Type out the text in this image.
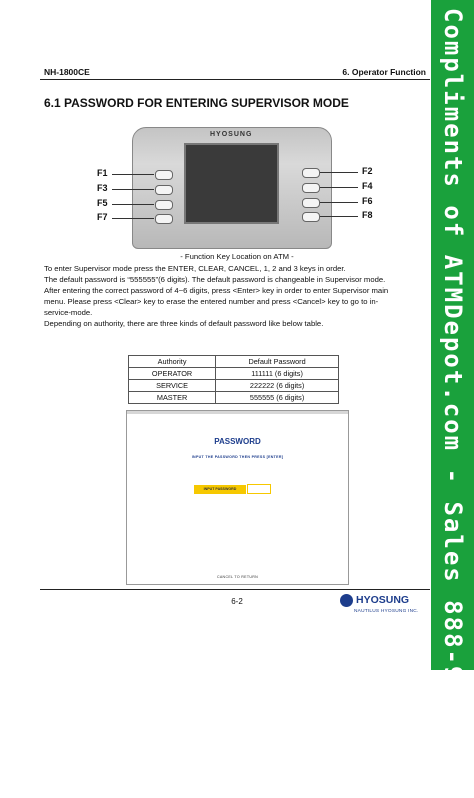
Compliments of ATMDepot.com - Sales 888-959-2269
NH-1800CE	6. Operator Function
6.1 PASSWORD FOR ENTERING SUPERVISOR MODE
HYOSUNG
F1
F3
F5
F7
F2
F4
F6
F8
- Function Key Location on ATM -
To enter Supervisor mode press the ENTER, CLEAR, CANCEL, 1, 2 and 3 keys in order.
The default password is “555555”(6 digits). The default password is changeable in Supervisor mode.
After entering the correct password of 4~6 digits, press <Enter> key in order to enter Supervisor main
menu. Please press <Clear> key to erase the entered number and press <Cancel> key to go to in-
service-mode.
Depending on authority, there are three kinds of default password like below table.
Authority	Default Password
OPERATOR	111111 (6 digits)
SERVICE	222222 (6 digits)
MASTER	555555 (6 digits)
PASSWORD
INPUT THE PASSWORD THEN PRESS [ENTER]
INPUT PASSWORD
CANCEL TO RETURN
6-2	HYOSUNG
NAUTILUS HYOSUNG INC.
